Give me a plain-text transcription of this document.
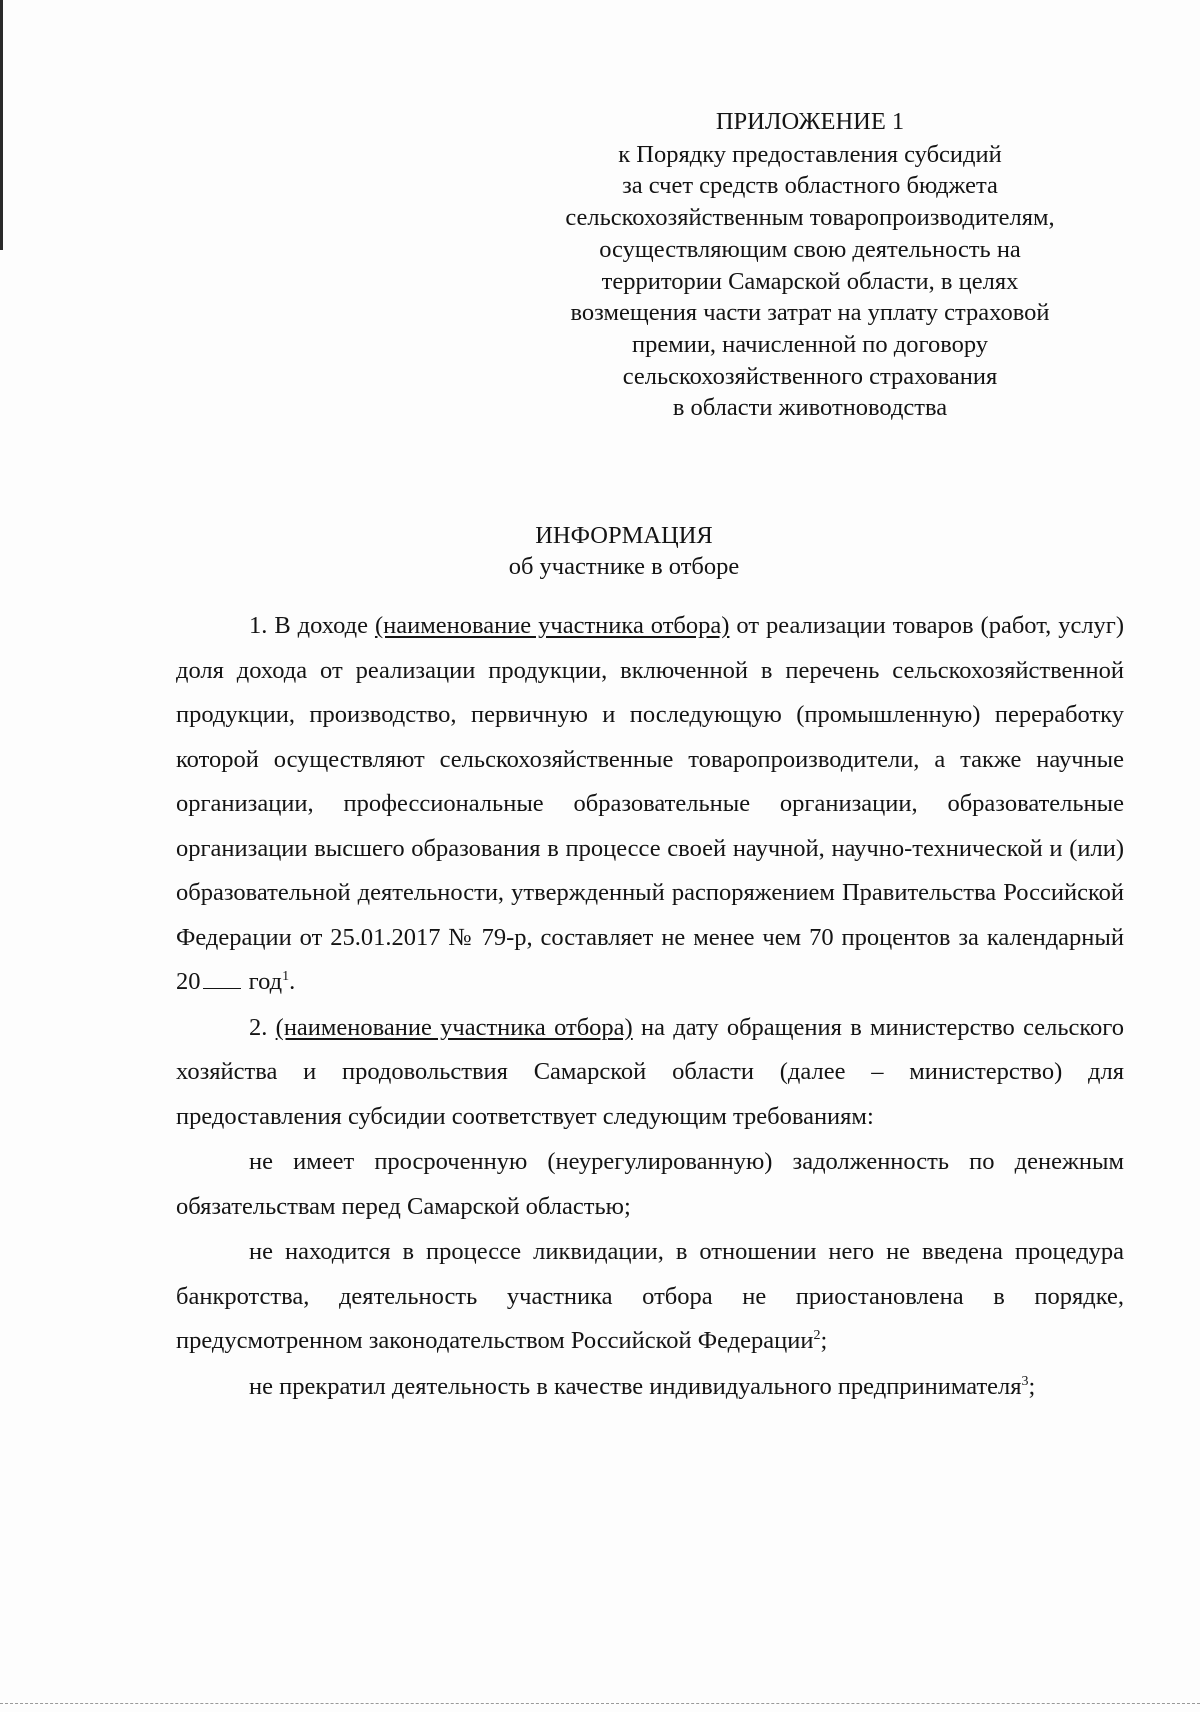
ПРИЛОЖЕНИЕ 1
к Порядку предоставления субсидий
за счет средств областного бюджета
сельскохозяйственным товаропроизводителям,
осуществляющим свою деятельность на
территории Самарской области, в целях
возмещения части затрат на уплату страховой
премии, начисленной по договору
сельскохозяйственного страхования
в области животноводства
ИНФОРМАЦИЯ
об участнике в отборе

1. В доходе (наименование участника отбора) от реализации товаров (работ, услуг) доля дохода от реализации продукции, включенной в перечень сельскохозяйственной продукции, производство, первичную и последующую (промышленную) переработку которой осуществляют сельскохозяйственные товаропроизводители, а также научные организации, профессиональные образовательные организации, образовательные организации высшего образования в процессе своей научной, научно-технической и (или) образовательной деятельности, утвержденный распоряжением Правительства Российской Федерации от 25.01.2017 № 79-р, составляет не менее чем 70 процентов за календарный 20 год$^1$.

2. (наименование участника отбора) на дату обращения в министерство сельского хозяйства и продовольствия Самарской области (далее – министерство) для предоставления субсидии соответствует следующим требованиям:

не имеет просроченную (неурегулированную) задолженность по денежным обязательствам перед Самарской областью;

не находится в процессе ликвидации, в отношении него не введена процедура банкротства, деятельность участника отбора не приостановлена в порядке, предусмотренном законодательством Российской Федерации$^2$;

не прекратил деятельность в качестве индивидуального предпринимателя$^3$;
